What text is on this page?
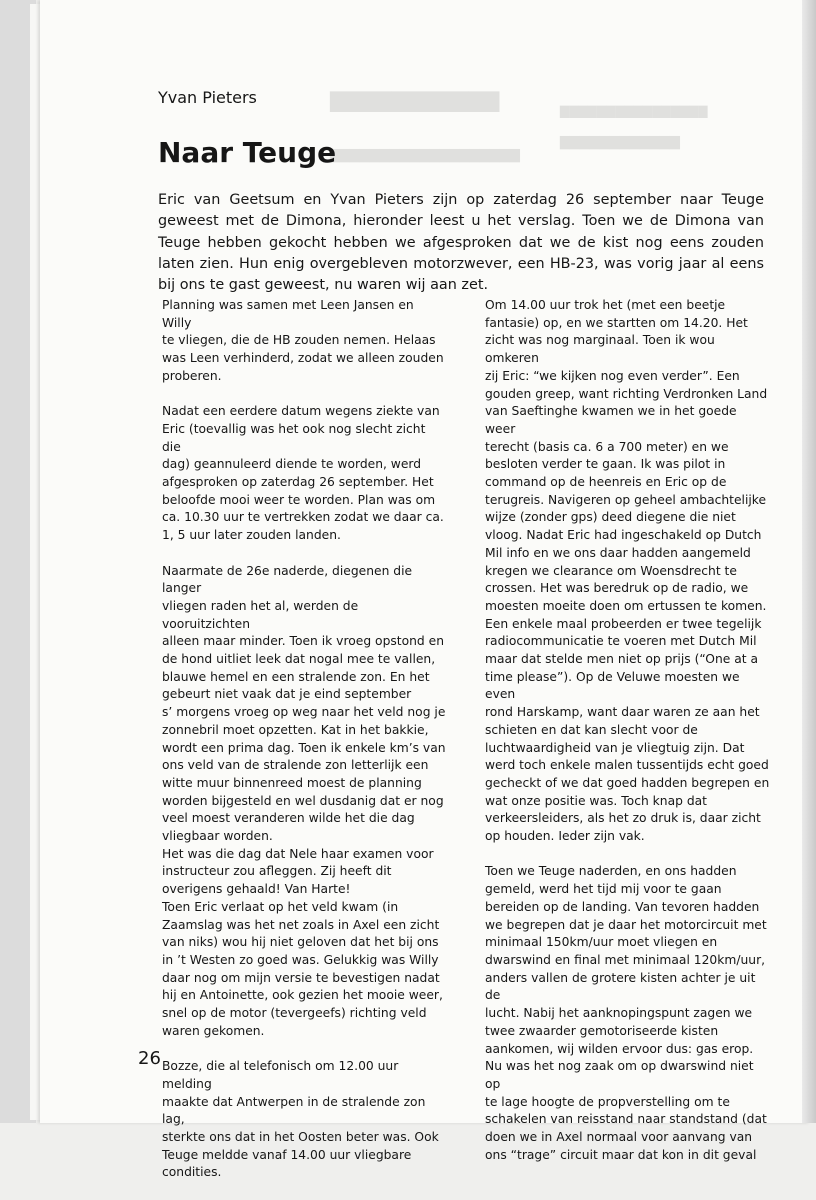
Yvan Pieters
Naar Teuge
Eric van Geetsum en Yvan Pieters zijn op zaterdag 26 september naar Teuge geweest met de Dimona, hieronder leest u het verslag. Toen we de Dimona van Teuge hebben gekocht hebben we afgesproken dat we de kist nog eens zouden laten zien. Hun enig overgebleven motorzwever, een HB-23, was vorig jaar al eens bij ons te gast geweest, nu waren wij aan zet.

Planning was samen met Leen Jansen en Willy
te vliegen, die de HB zouden nemen. Helaas
was Leen verhinderd, zodat we alleen zouden
proberen.

Nadat een eerdere datum wegens ziekte van
Eric (toevallig was het ook nog slecht zicht die
dag) geannuleerd diende te worden, werd
afgesproken op zaterdag 26 september. Het
beloofde mooi weer te worden. Plan was om
ca. 10.30 uur te vertrekken zodat we daar ca.
1, 5 uur later zouden landen.

Naarmate de 26e naderde, diegenen die langer
vliegen raden het al, werden de vooruitzichten
alleen maar minder. Toen ik vroeg opstond en
de hond uitliet leek dat nogal mee te vallen,
blauwe hemel en een stralende zon. En het
gebeurt niet vaak dat je eind september
s’ morgens vroeg op weg naar het veld nog je
zonnebril moet opzetten. Kat in het bakkie,
wordt een prima dag. Toen ik enkele km’s van
ons veld van de stralende zon letterlijk een
witte muur binnenreed moest de planning
worden bijgesteld en wel dusdanig dat er nog
veel moest veranderen wilde het die dag
vliegbaar worden.

Het was die dag dat Nele haar examen voor
instructeur zou afleggen. Zij heeft dit
overigens gehaald! Van Harte!

Toen Eric verlaat op het veld kwam (in
Zaamslag was het net zoals in Axel een zicht
van niks) wou hij niet geloven dat het bij ons
in ’t Westen zo goed was. Gelukkig was Willy
daar nog om mijn versie te bevestigen nadat
hij en Antoinette, ook gezien het mooie weer,
snel op de motor (tevergeefs) richting veld
waren gekomen.

Bozze, die al telefonisch om 12.00 uur melding
maakte dat Antwerpen in de stralende zon lag,
sterkte ons dat in het Oosten beter was. Ook
Teuge meldde vanaf 14.00 uur vliegbare
condities.

Om 14.00 uur trok het (met een beetje
fantasie) op, en we startten om 14.20. Het
zicht was nog marginaal. Toen ik wou omkeren
zij Eric: “we kijken nog even verder”. Een
gouden greep, want richting Verdronken Land
van Saeftinghe kwamen we in het goede weer
terecht (basis ca. 6 a 700 meter) en we
besloten verder te gaan. Ik was pilot in
command op de heenreis en Eric op de
terugreis. Navigeren op geheel ambachtelijke
wijze (zonder gps) deed diegene die niet
vloog. Nadat Eric had ingeschakeld op Dutch
Mil info en we ons daar hadden aangemeld
kregen we clearance om Woensdrecht te
crossen. Het was beredruk op de radio, we
moesten moeite doen om ertussen te komen.
Een enkele maal probeerden er twee tegelijk
radiocommunicatie te voeren met Dutch Mil
maar dat stelde men niet op prijs (“One at a
time please”). Op de Veluwe moesten we even
rond Harskamp, want daar waren ze aan het
schieten en dat kan slecht voor de
luchtwaardigheid van je vliegtuig zijn. Dat
werd toch enkele malen tussentijds echt goed
gecheckt of we dat goed hadden begrepen en
wat onze positie was. Toch knap dat
verkeersleiders, als het zo druk is, daar zicht
op houden. Ieder zijn vak.

Toen we Teuge naderden, en ons hadden
gemeld, werd het tijd mij voor te gaan
bereiden op de landing. Van tevoren hadden
we begrepen dat je daar het motorcircuit met
minimaal 150km/uur moet vliegen en
dwarswind en final met minimaal 120km/uur,
anders vallen de grotere kisten achter je uit de
lucht. Nabij het aanknopingspunt zagen we
twee zwaarder gemotoriseerde kisten
aankomen, wij wilden ervoor dus: gas erop.
Nu was het nog zaak om op dwarswind niet op
te lage hoogte de propverstelling om te
schakelen van reisstand naar standstand (dat
doen we in Axel normaal voor aanvang van
ons “trage” circuit maar dat kon in dit geval

26
